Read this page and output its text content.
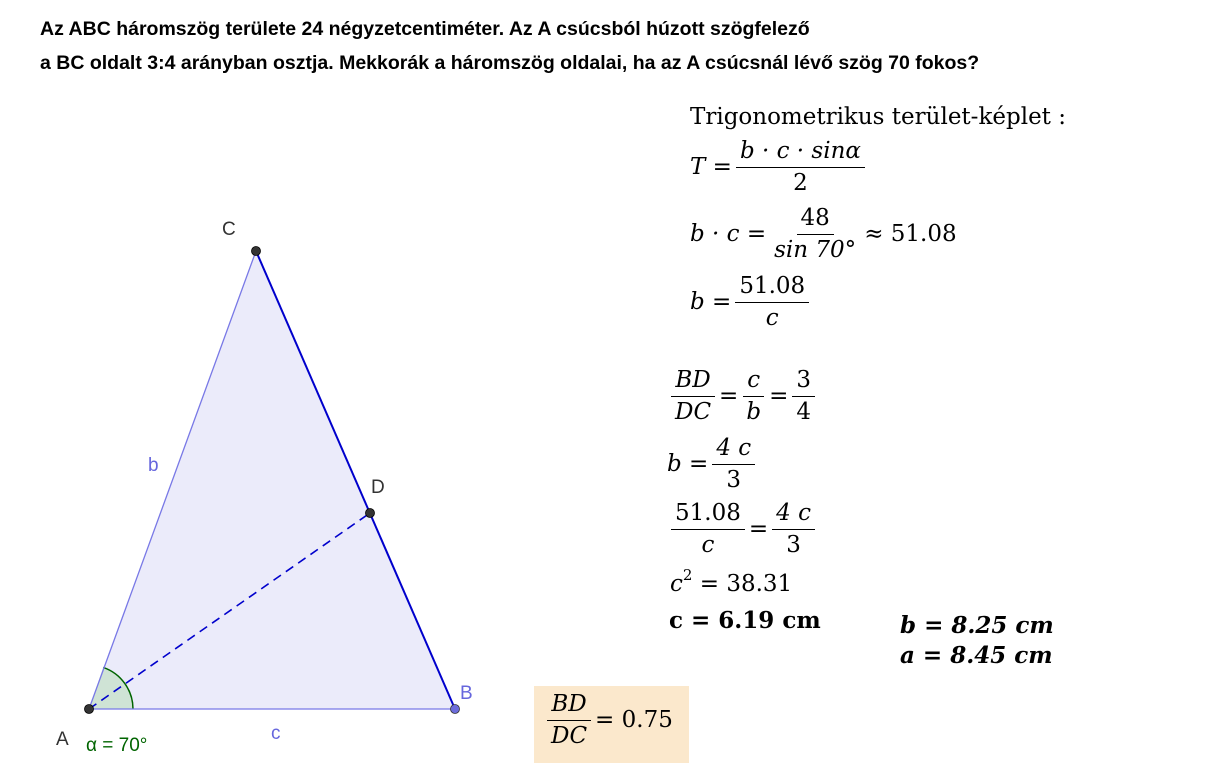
Az ABC háromszög területe 24 négyzetcentiméter. Az A csúcsból húzott szögfelező
a BC oldalt 3:4 arányban osztja. Mekkorák a háromszög oldalai, ha az A csúcsnál lévő szög 70 fokos?
A
B
C
D
b
c
α = 70°
Trigonometrikus terület-képlet :
$T = \frac{b \cdot c \cdot \sin\alpha}{2}$
$b \cdot c = \frac{48}{\sin 70^\circ} \approx 51.08$
$b = \frac{51.08}{c}$
$\frac{BD}{DC} = \frac{c}{b} = \frac{3}{4}$
$b = \frac{4 c}{3}$
$\frac{51.08}{c} = \frac{4 c}{3}$
$c^2 = 38.31$
c = 6.19 cm	b = 8.25 cm
a = 8.45 cm
$\frac{BD}{DC} = 0.75$
